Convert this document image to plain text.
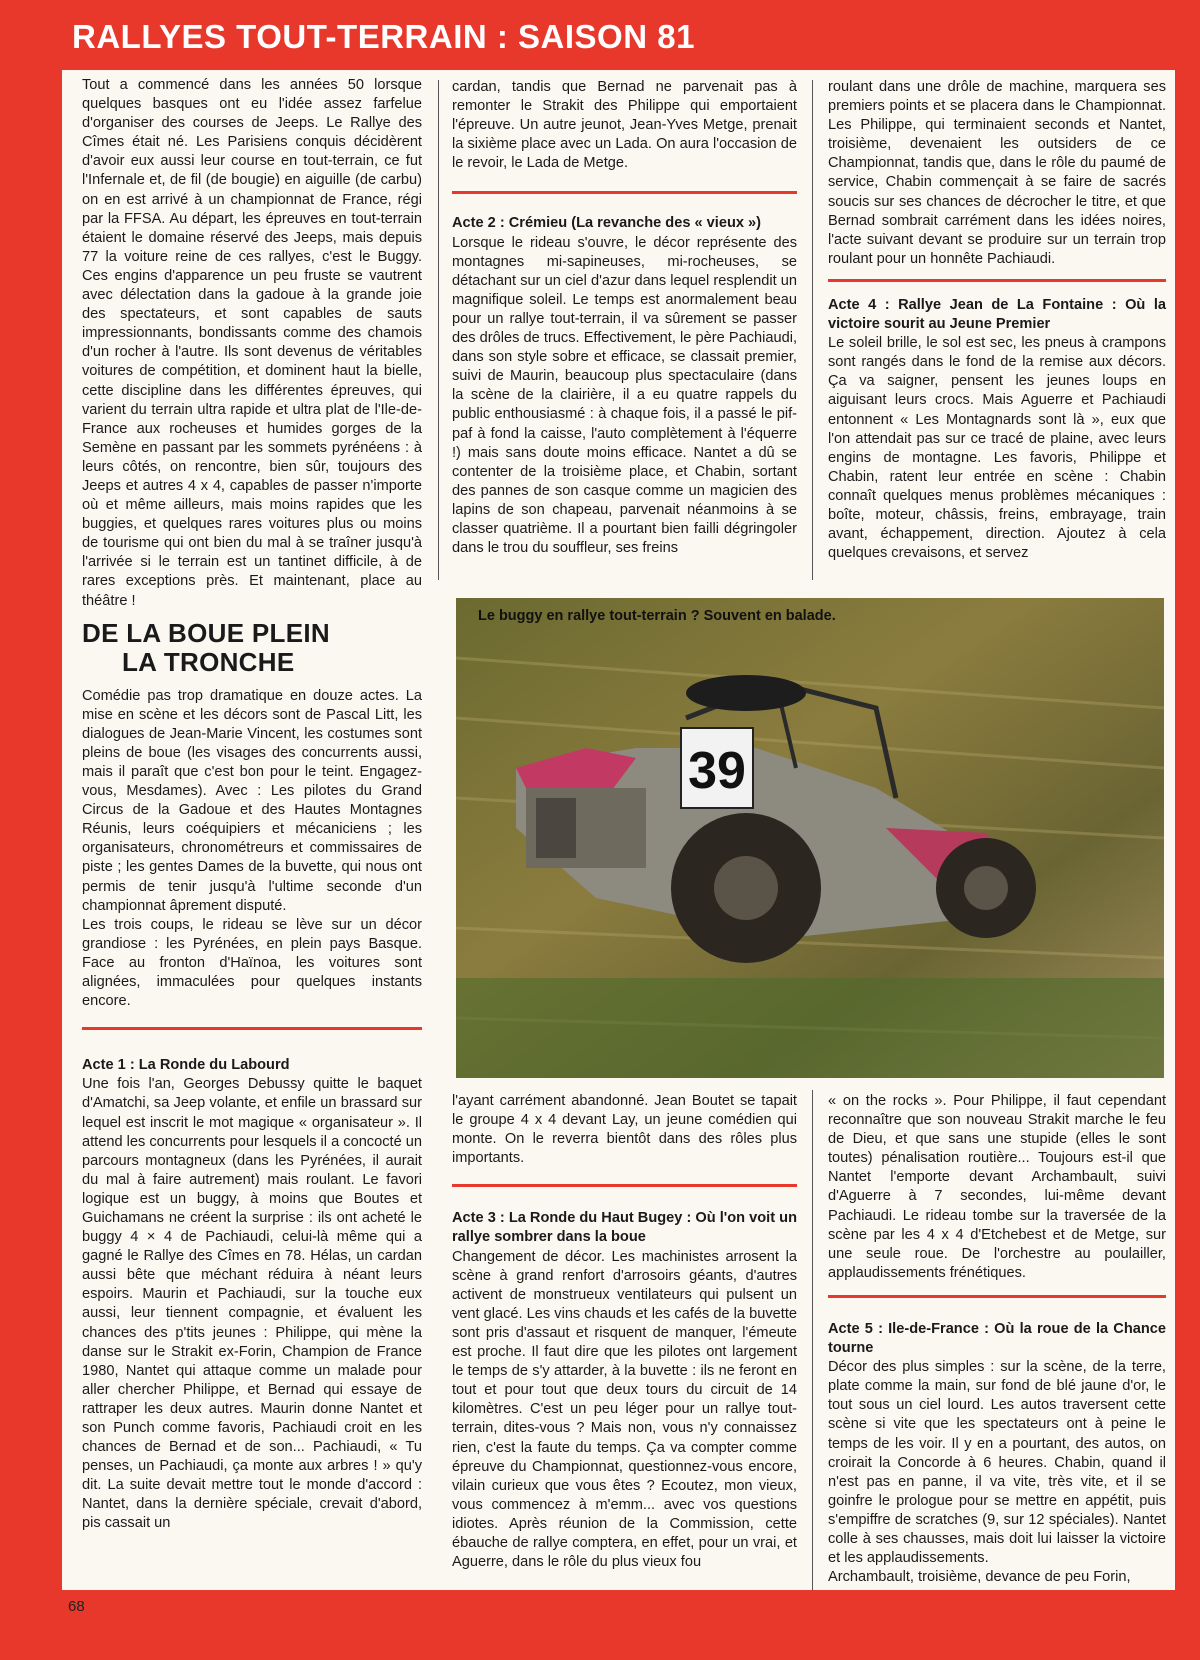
RALLYES TOUT-TERRAIN : SAISON 81

Tout a commencé dans les années 50 lorsque quelques basques ont eu l'idée assez farfelue d'organiser des courses de Jeeps. Le Rallye des Cîmes était né. Les Parisiens conquis décidèrent d'avoir eux aussi leur course en tout-terrain, ce fut l'Infernale et, de fil (de bougie) en aiguille (de carbu) on en est arrivé à un championnat de France, régi par la FFSA. Au départ, les épreuves en tout-terrain étaient le domaine réservé des Jeeps, mais depuis 77 la voiture reine de ces rallyes, c'est le Buggy. Ces engins d'apparence un peu fruste se vautrent avec délectation dans la gadoue à la grande joie des spectateurs, et sont capables de sauts impressionnants, bondissants comme des chamois d'un rocher à l'autre. Ils sont devenus de véritables voitures de compétition, et dominent haut la bielle, cette discipline dans les différentes épreuves, qui varient du terrain ultra rapide et ultra plat de l'Ile-de-France aux rocheuses et humides gorges de la Semène en passant par les sommets pyrénéens : à leurs côtés, on rencontre, bien sûr, toujours des Jeeps et autres 4 x 4, capables de passer n'importe où et même ailleurs, mais moins rapides que les buggies, et quelques rares voitures plus ou moins de tourisme qui ont bien du mal à se traîner jusqu'à l'arrivée si le terrain est un tantinet difficile, à de rares exceptions près. Et maintenant, place au théâtre !

DE LA BOUE PLEIN
LA TRONCHE

Comédie pas trop dramatique en douze actes. La mise en scène et les décors sont de Pascal Litt, les dialogues de Jean-Marie Vincent, les costumes sont pleins de boue (les visages des concurrents aussi, mais il paraît que c'est bon pour le teint. Engagez-vous, Mesdames). Avec : Les pilotes du Grand Circus de la Gadoue et des Hautes Montagnes Réunis, leurs coéquipiers et mécaniciens ; les organisateurs, chronométreurs et commissaires de piste ; les gentes Dames de la buvette, qui nous ont permis de tenir jusqu'à l'ultime seconde d'un championnat âprement disputé.

Les trois coups, le rideau se lève sur un décor grandiose : les Pyrénées, en plein pays Basque. Face au fronton d'Haïnoa, les voitures sont alignées, immaculées pour quelques instants encore.

Acte 1 : La Ronde du Labourd

Une fois l'an, Georges Debussy quitte le baquet d'Amatchi, sa Jeep volante, et enfile un brassard sur lequel est inscrit le mot magique « organisateur ». Il attend les concurrents pour lesquels il a concocté un parcours montagneux (dans les Pyrénées, il aurait du mal à faire autrement) mais roulant. Le favori logique est un buggy, à moins que Boutes et Guichamans ne créent la surprise : ils ont acheté le buggy 4 × 4 de Pachiaudi, celui-là même qui a gagné le Rallye des Cîmes en 78. Hélas, un cardan aussi bête que méchant réduira à néant leurs espoirs. Maurin et Pachiaudi, sur la touche eux aussi, leur tiennent compagnie, et évaluent les chances des p'tits jeunes : Philippe, qui mène la danse sur le Strakit ex-Forin, Champion de France 1980, Nantet qui attaque comme un malade pour aller chercher Philippe, et Bernad qui essaye de rattraper les deux autres. Maurin donne Nantet et son Punch comme favoris, Pachiaudi croit en les chances de Bernad et de son... Pachiaudi, « Tu penses, un Pachiaudi, ça monte aux arbres ! » qu'y dit. La suite devait mettre tout le monde d'accord : Nantet, dans la dernière spéciale, crevait d'abord, pis cassait un

cardan, tandis que Bernad ne parvenait pas à remonter le Strakit des Philippe qui emportaient l'épreuve. Un autre jeunot, Jean-Yves Metge, prenait la sixième place avec un Lada. On aura l'occasion de le revoir, le Lada de Metge.

Acte 2 : Crémieu (La revanche des « vieux »)

Lorsque le rideau s'ouvre, le décor représente des montagnes mi-sapineuses, mi-rocheuses, se détachant sur un ciel d'azur dans lequel resplendit un magnifique soleil. Le temps est anormalement beau pour un rallye tout-terrain, il va sûrement se passer des drôles de trucs. Effectivement, le père Pachiaudi, dans son style sobre et efficace, se classait premier, suivi de Maurin, beaucoup plus spectaculaire (dans la scène de la clairière, il a eu quatre rappels du public enthousiasmé : à chaque fois, il a passé le pif-paf à fond la caisse, l'auto complètement à l'équerre !) mais sans doute moins efficace. Nantet a dû se contenter de la troisième place, et Chabin, sortant des pannes de son casque comme un magicien des lapins de son chapeau, parvenait néanmoins à se classer quatrième. Il a pourtant bien failli dégringoler dans le trou du souffleur, ses freins

roulant dans une drôle de machine, marquera ses premiers points et se placera dans le Championnat. Les Philippe, qui terminaient seconds et Nantet, troisième, devenaient les outsiders de ce Championnat, tandis que, dans le rôle du paumé de service, Chabin commençait à se faire de sacrés soucis sur ses chances de décrocher le titre, et que Bernad sombrait carrément dans les idées noires, l'acte suivant devant se produire sur un terrain trop roulant pour un honnête Pachiaudi.

Acte 4 : Rallye Jean de La Fontaine : Où la victoire sourit au Jeune Premier

Le soleil brille, le sol est sec, les pneus à crampons sont rangés dans le fond de la remise aux décors. Ça va saigner, pensent les jeunes loups en aiguisant leurs crocs. Mais Aguerre et Pachiaudi entonnent « Les Montagnards sont là », eux que l'on attendait pas sur ce tracé de plaine, avec leurs engins de montagne. Les favoris, Philippe et Chabin, ratent leur entrée en scène : Chabin connaît quelques menus problèmes mécaniques : boîte, moteur, châssis, freins, embrayage, train avant, échappement, direction. Ajoutez à cela quelques crevaisons, et servez

39
Le buggy en rallye tout-terrain ? Souvent en balade.

l'ayant carrément abandonné. Jean Boutet se tapait le groupe 4 x 4 devant Lay, un jeune comédien qui monte. On le reverra bientôt dans des rôles plus importants.

Acte 3 : La Ronde du Haut Bugey : Où l'on voit un rallye sombrer dans la boue

Changement de décor. Les machinistes arrosent la scène à grand renfort d'arrosoirs géants, d'autres activent de monstrueux ventilateurs qui pulsent un vent glacé. Les vins chauds et les cafés de la buvette sont pris d'assaut et risquent de manquer, l'émeute est proche. Il faut dire que les pilotes ont largement le temps de s'y attarder, à la buvette : ils ne feront en tout et pour tout que deux tours du circuit de 14 kilomètres. C'est un peu léger pour un rallye tout-terrain, dites-vous ? Mais non, vous n'y connaissez rien, c'est la faute du temps. Ça va compter comme épreuve du Championnat, questionnez-vous encore, vilain curieux que vous êtes ? Ecoutez, mon vieux, vous commencez à m'emm... avec vos questions idiotes. Après réunion de la Commission, cette ébauche de rallye comptera, en effet, pour un vrai, et Aguerre, dans le rôle du plus vieux fou

« on the rocks ». Pour Philippe, il faut cependant reconnaître que son nouveau Strakit marche le feu de Dieu, et que sans une stupide (elles le sont toutes) pénalisation routière... Toujours est-il que Nantet l'emporte devant Archambault, suivi d'Aguerre à 7 secondes, lui-même devant Pachiaudi. Le rideau tombe sur la traversée de la scène par les 4 x 4 d'Etchebest et de Metge, sur une seule roue. De l'orchestre au poulailler, applaudissements frénétiques.

Acte 5 : Ile-de-France : Où la roue de la Chance tourne

Décor des plus simples : sur la scène, de la terre, plate comme la main, sur fond de blé jaune d'or, le tout sous un ciel lourd. Les autos traversent cette scène si vite que les spectateurs ont à peine le temps de les voir. Il y en a pourtant, des autos, on croirait la Concorde à 6 heures. Chabin, quand il n'est pas en panne, il va vite, très vite, et il se goinfre le prologue pour se mettre en appétit, puis s'empiffre de scratches (9, sur 12 spéciales). Nantet colle à ses chausses, mais doit lui laisser la victoire et les applaudissements.

Archambault, troisième, devance de peu Forin,

68
